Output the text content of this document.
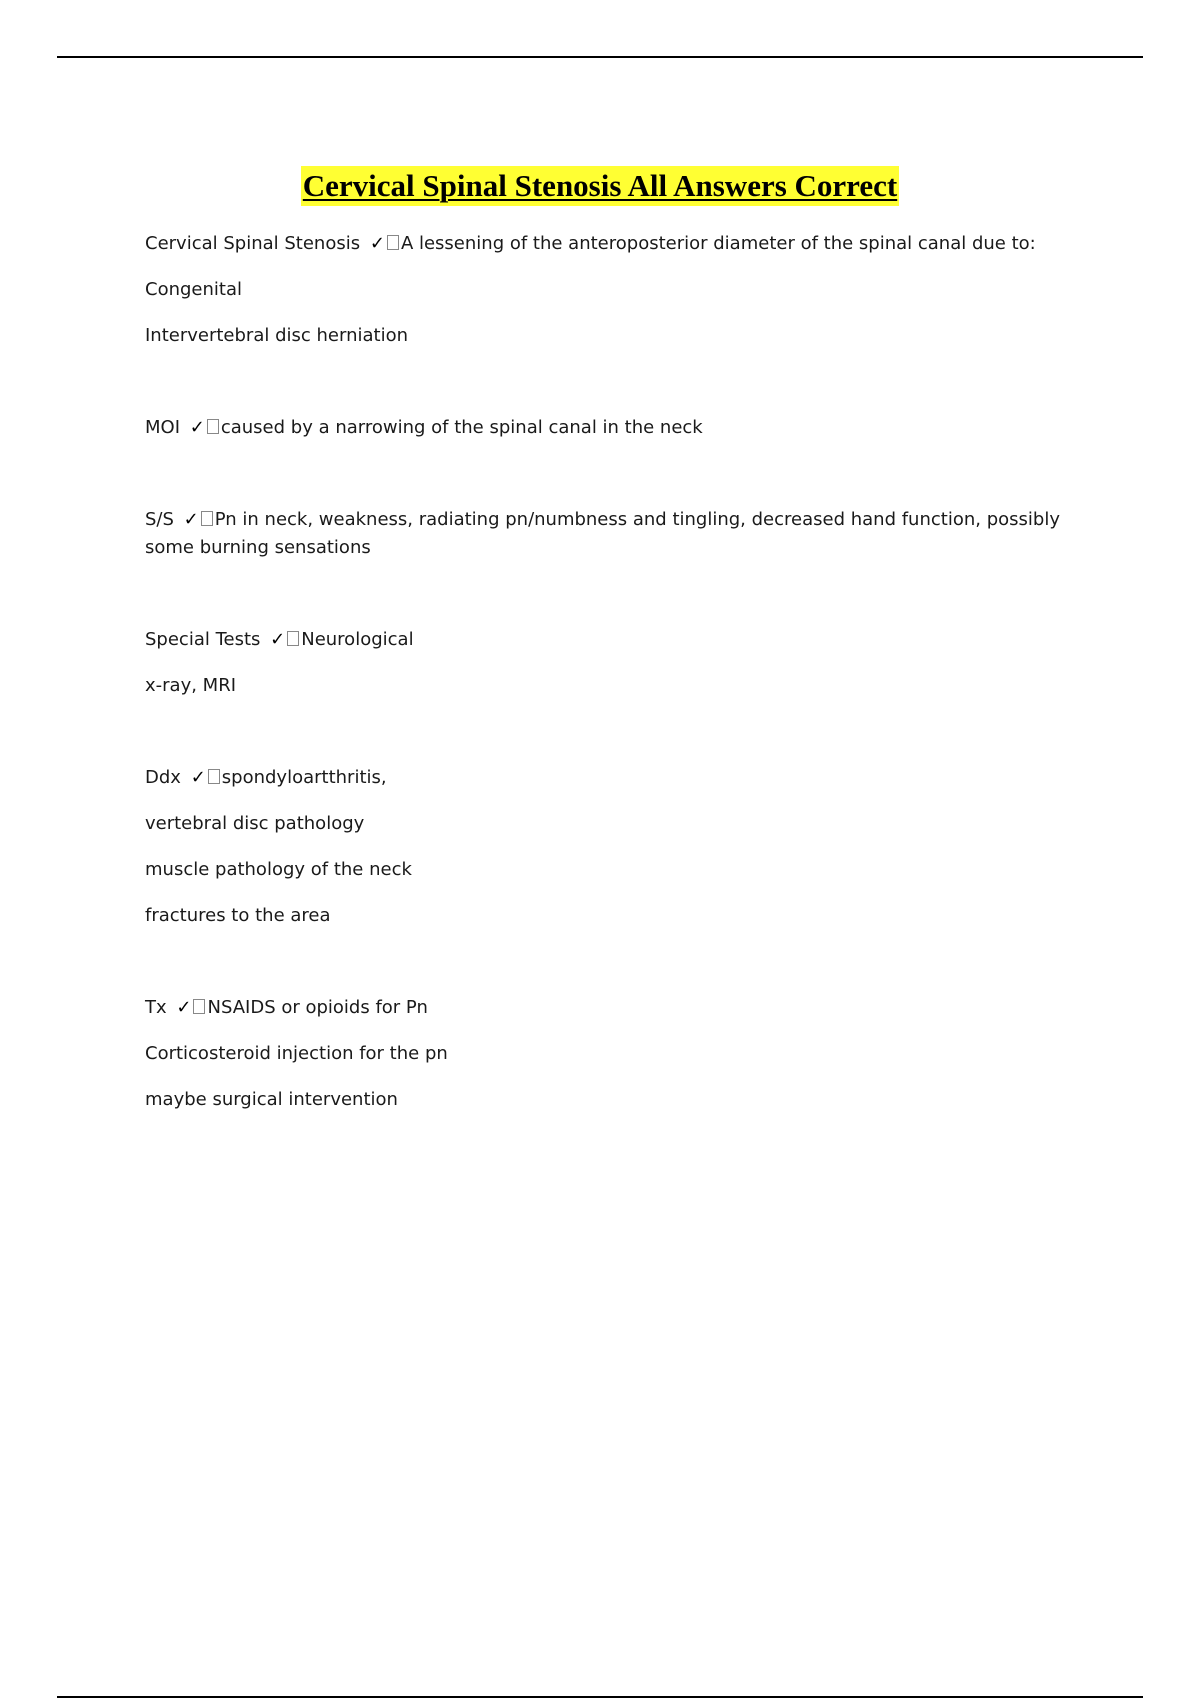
Cervical Spinal Stenosis All Answers Correct

Cervical Spinal Stenosis ✓ A lessening of the anteroposterior diameter of the spinal canal due to:

Congenital

Intervertebral disc herniation

MOI ✓ caused by a narrowing of the spinal canal in the neck

S/S ✓ Pn in neck, weakness, radiating pn/numbness and tingling, decreased hand function, possibly

some burning sensations

Special Tests ✓ Neurological

x-ray, MRI

Ddx ✓ spondyloartthritis,

vertebral disc pathology

muscle pathology of the neck

fractures to the area

Tx ✓ NSAIDS or opioids for Pn

Corticosteroid injection for the pn

maybe surgical intervention
